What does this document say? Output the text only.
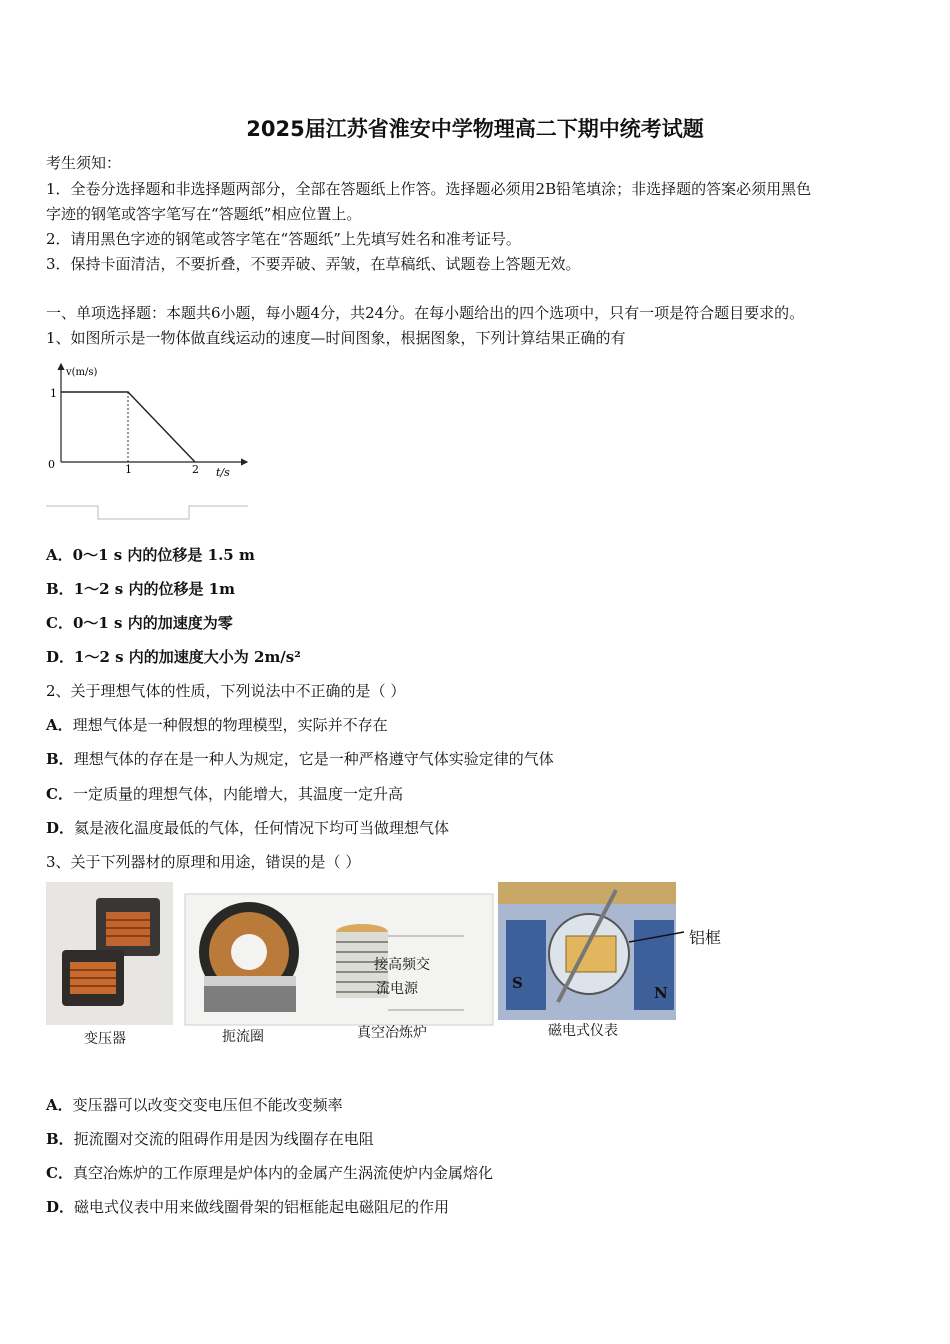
2025届江苏省淮安中学物理高二下期中统考试题
考生须知：
1．全卷分选择题和非选择题两部分，全部在答题纸上作答。选择题必须用2B铅笔填涂；非选择题的答案必须用黑色
字迹的钢笔或答字笔写在“答题纸”相应位置上。
2．请用黑色字迹的钢笔或答字笔在“答题纸”上先填写姓名和准考证号。
3．保持卡面清洁，不要折叠，不要弄破、弄皱，在草稿纸、试题卷上答题无效。
一、单项选择题：本题共6小题，每小题4分，共24分。在每小题给出的四个选项中，只有一项是符合题目要求的。
1、如图所示是一物体做直线运动的速度—时间图象，根据图象，下列计算结果正确的有
v(m/s)
t/s
0
1
1	2
A．0～1 s 内的位移是 1.5 m
B．1～2 s 内的位移是 1m
C．0～1 s 内的加速度为零
D．1～2 s 内的加速度大小为 2m/s²
2、关于理想气体的性质，下列说法中不正确的是（ ）
A．理想气体是一种假想的物理模型，实际并不存在
B．理想气体的存在是一种人为规定，它是一种严格遵守气体实验定律的气体
C．一定质量的理想气体，内能增大，其温度一定升高
D．氦是液化温度最低的气体，任何情况下均可当做理想气体
3、关于下列器材的原理和用途，错误的是（ ）
S
N
接高频交
流电源
铝框
变压器	扼流圈	真空冶炼炉	磁电式仪表
A．变压器可以改变交变电压但不能改变频率
B．扼流圈对交流的阻碍作用是因为线圈存在电阻
C．真空冶炼炉的工作原理是炉体内的金属产生涡流使炉内金属熔化
D．磁电式仪表中用来做线圈骨架的铝框能起电磁阻尼的作用
